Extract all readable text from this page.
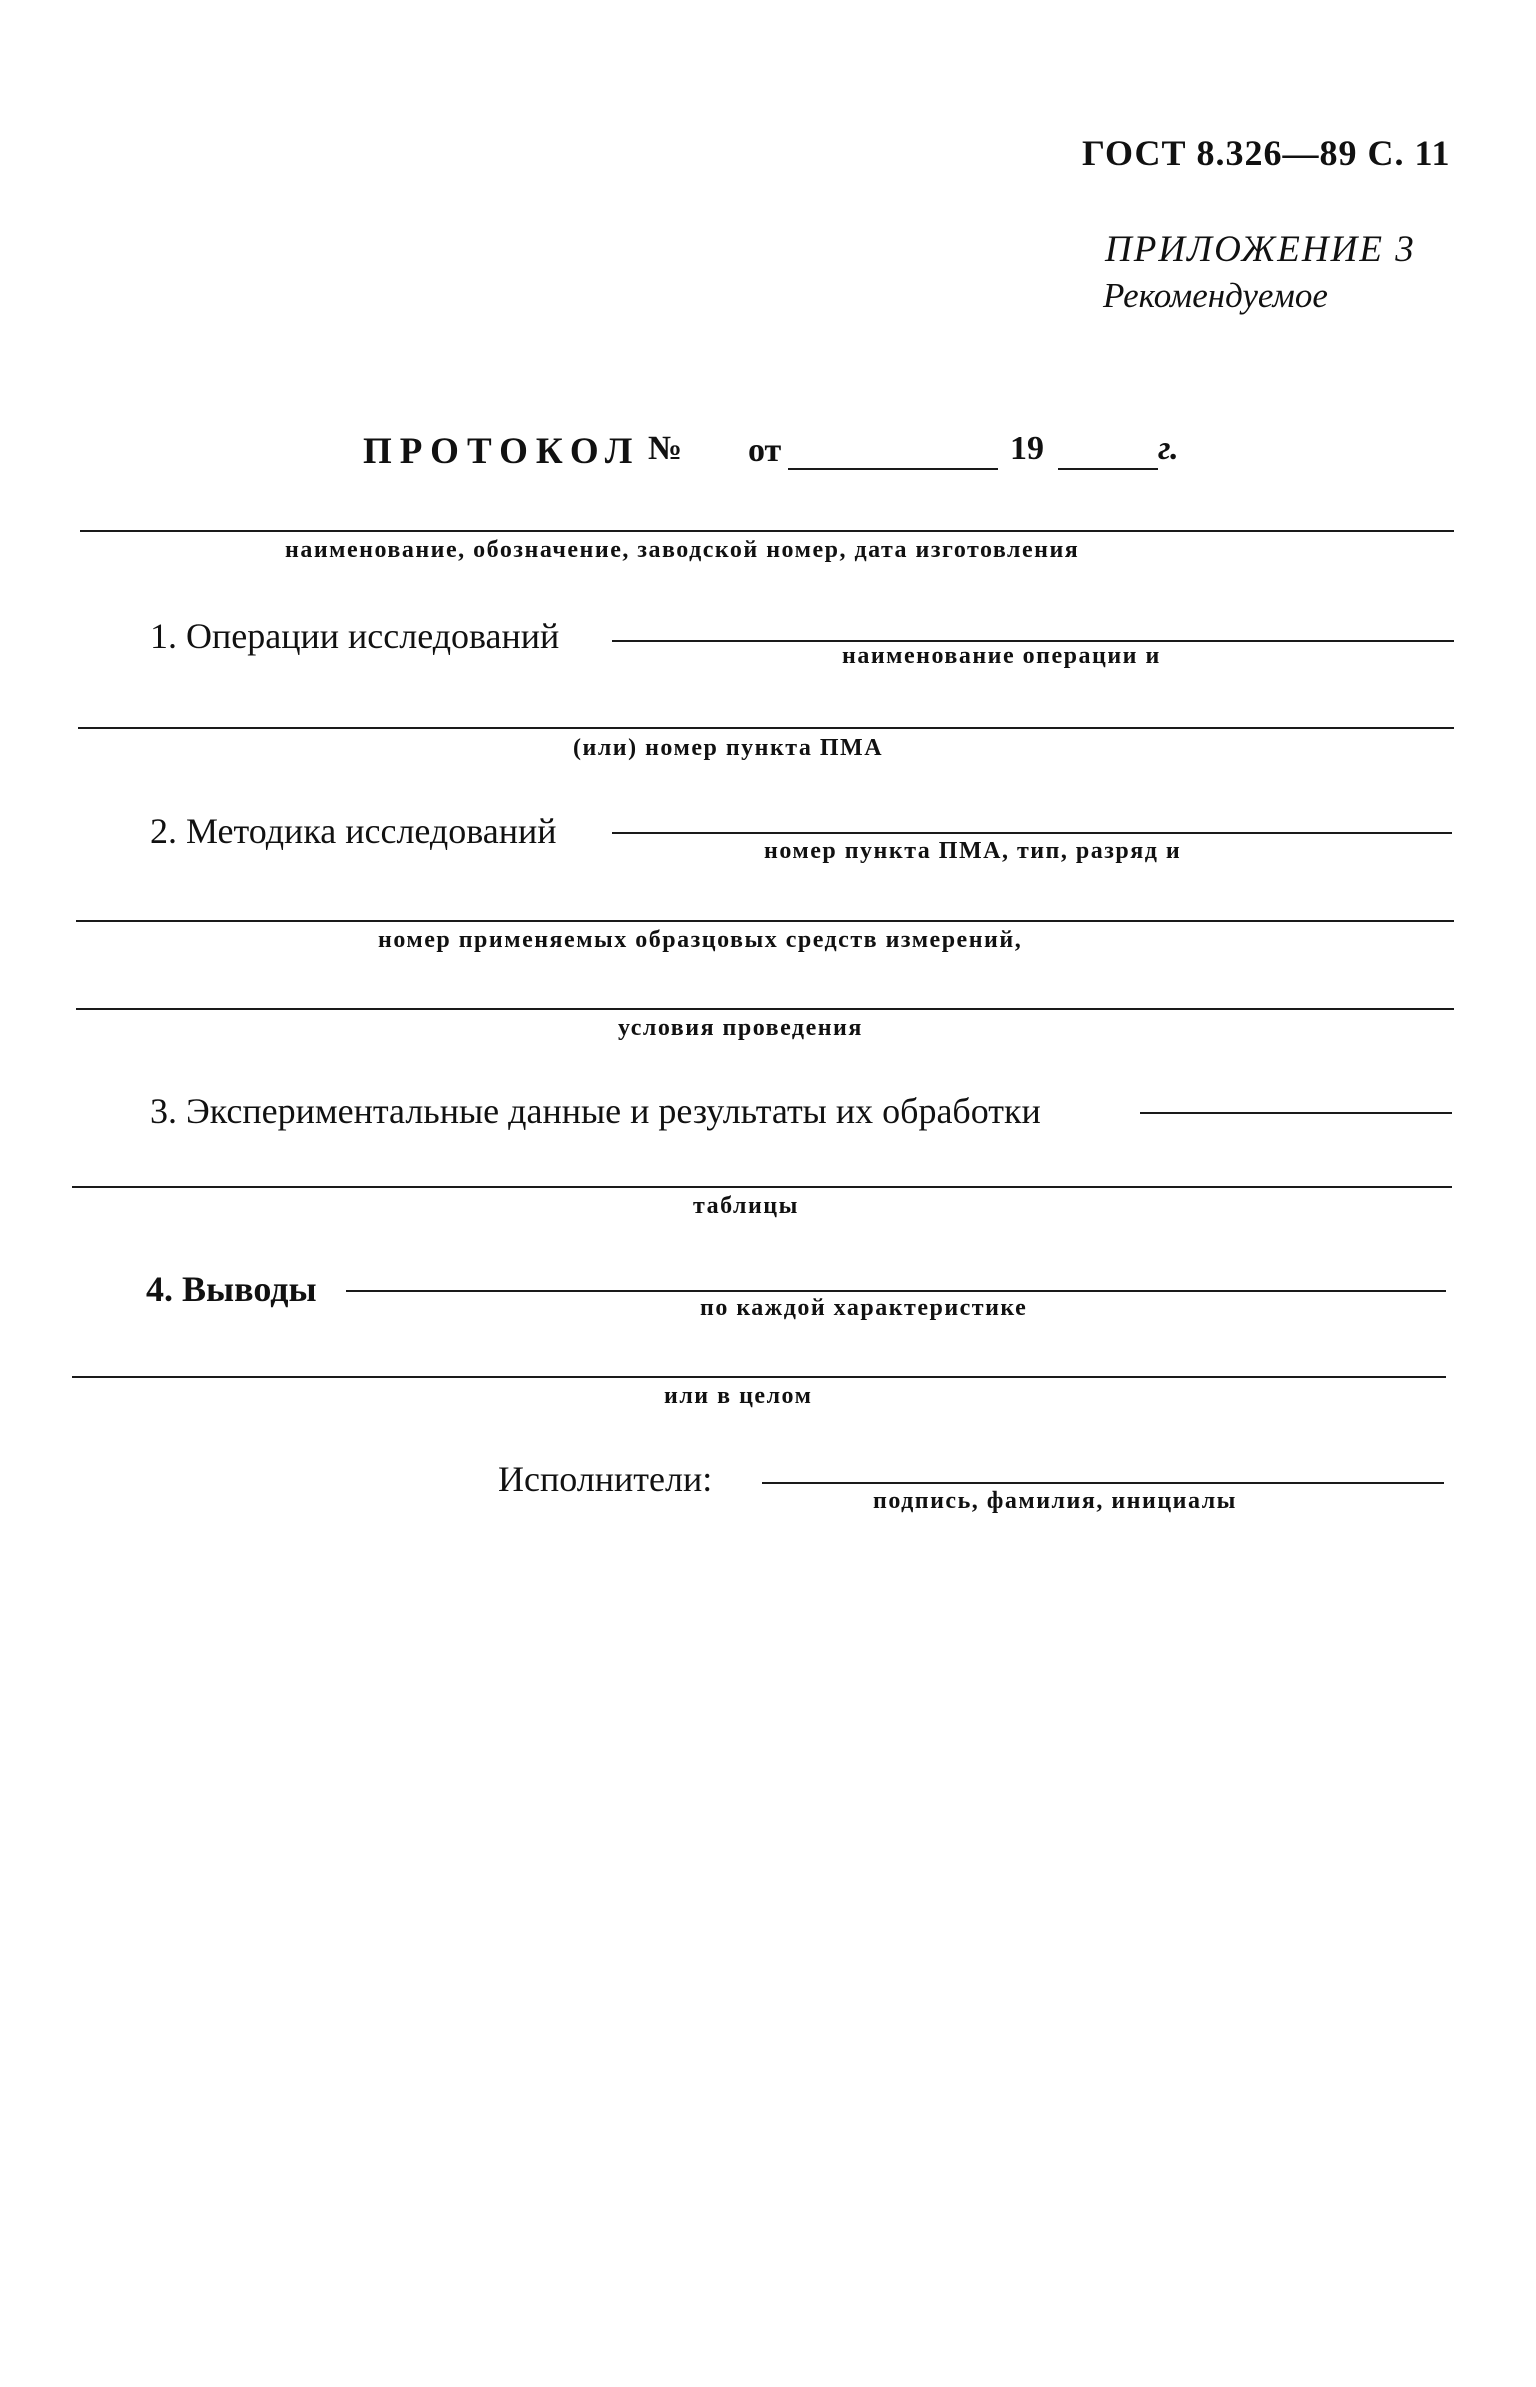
ГОСТ 8.326—89 С. 11
ПРИЛОЖЕНИЕ 3
Рекомендуемое
ПРОТОКОЛ № от	19	г.
наименование, обозначение, заводской номер, дата изготовления
1. Операции исследований	наименование операции и
(или) номер пункта ПМА
2. Методика исследований	номер пункта ПМА, тип, разряд и
номер применяемых образцовых средств измерений,
условия проведения
3. Экспериментальные данные и результаты их обработки
таблицы
4. Выводы	по каждой характеристике
или в целом
Исполнители:
подпись, фамилия, инициалы
